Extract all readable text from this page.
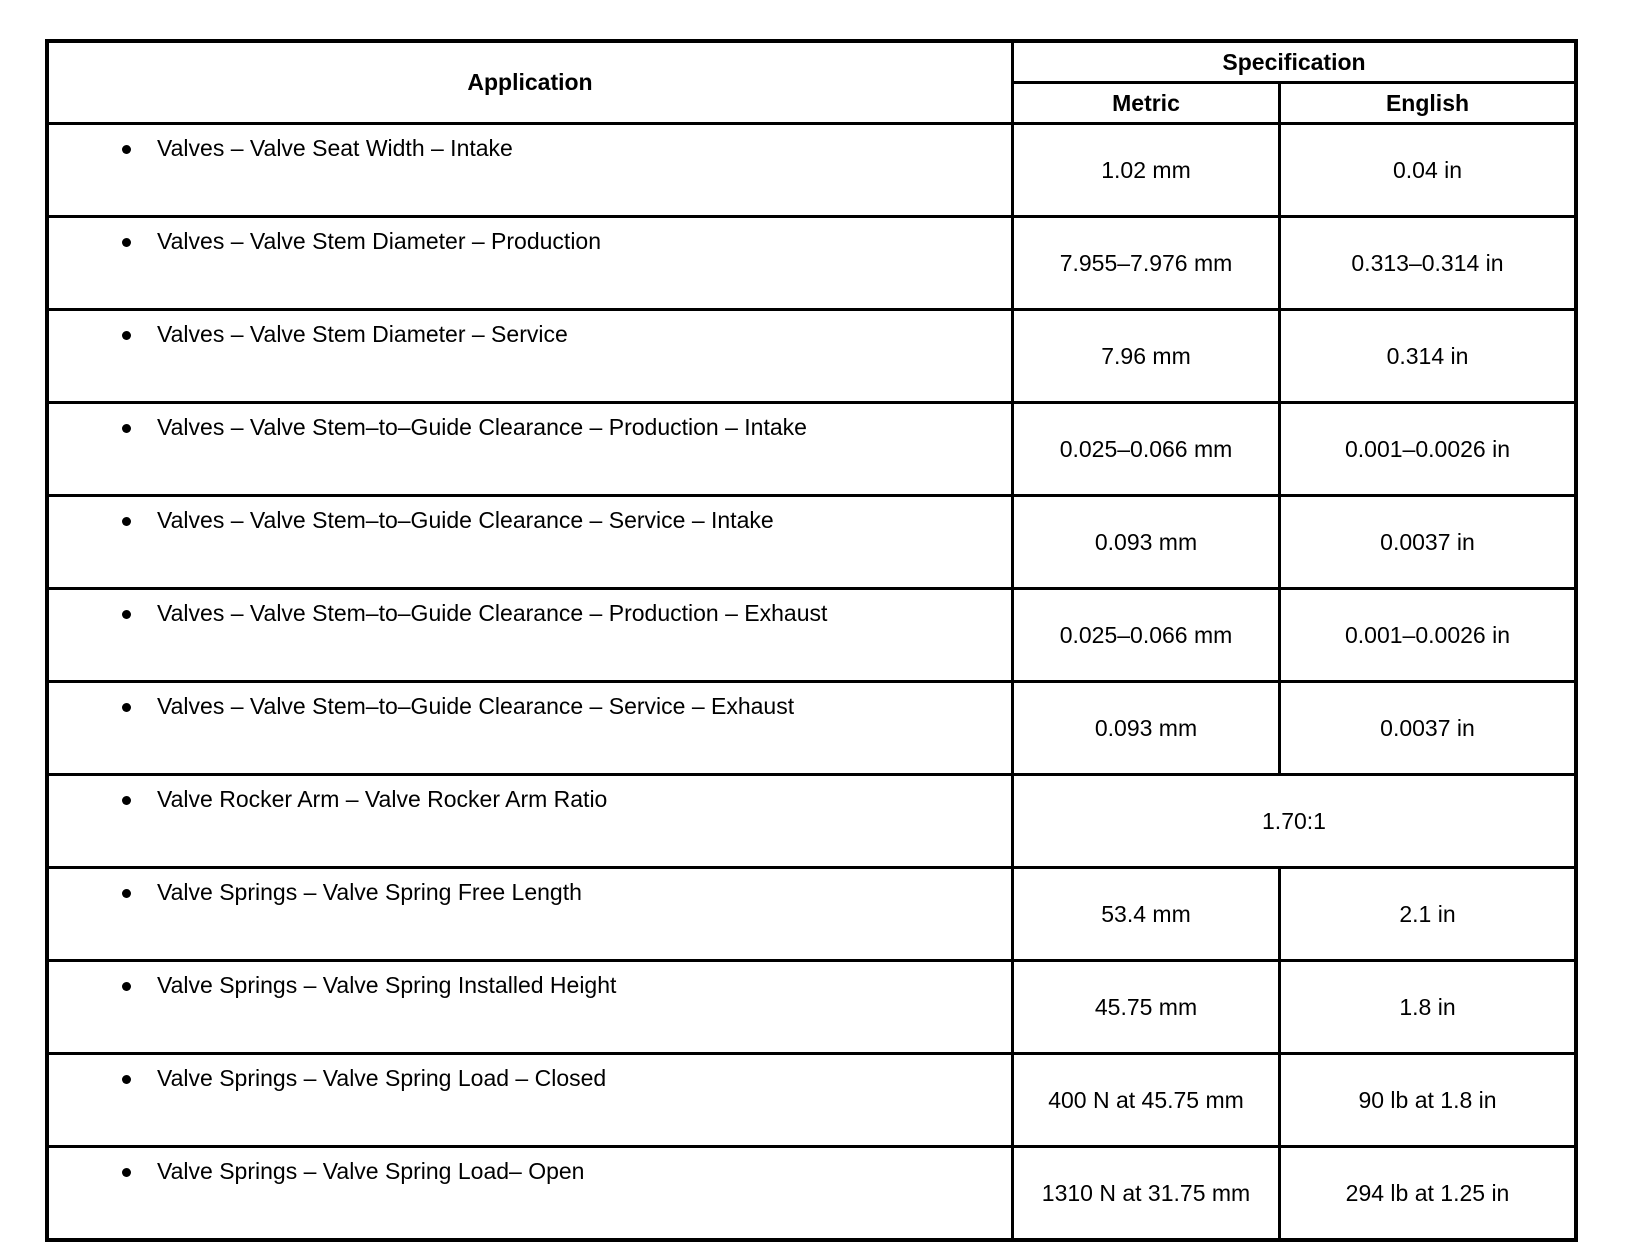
Application	Specification	
	Metric	English
Valves – Valve Seat Width – Intake	1.02 mm	0.04 in
Valves – Valve Stem Diameter – Production	7.955–7.976 mm	0.313–0.314 in
Valves – Valve Stem Diameter – Service	7.96 mm	0.314 in
Valves – Valve Stem–to–Guide Clearance – Production – Intake	0.025–0.066 mm	0.001–0.0026 in
Valves – Valve Stem–to–Guide Clearance – Service – Intake	0.093 mm	0.0037 in
Valves – Valve Stem–to–Guide Clearance – Production – Exhaust	0.025–0.066 mm	0.001–0.0026 in
Valves – Valve Stem–to–Guide Clearance – Service – Exhaust	0.093 mm	0.0037 in
Valve Rocker Arm – Valve Rocker Arm Ratio	1.70:1	
Valve Springs – Valve Spring Free Length	53.4 mm	2.1 in
Valve Springs – Valve Spring Installed Height	45.75 mm	1.8 in
Valve Springs – Valve Spring Load – Closed	400 N at 45.75 mm	90 lb at 1.8 in
Valve Springs – Valve Spring Load– Open	1310 N at 31.75 mm	294 lb at 1.25 in
